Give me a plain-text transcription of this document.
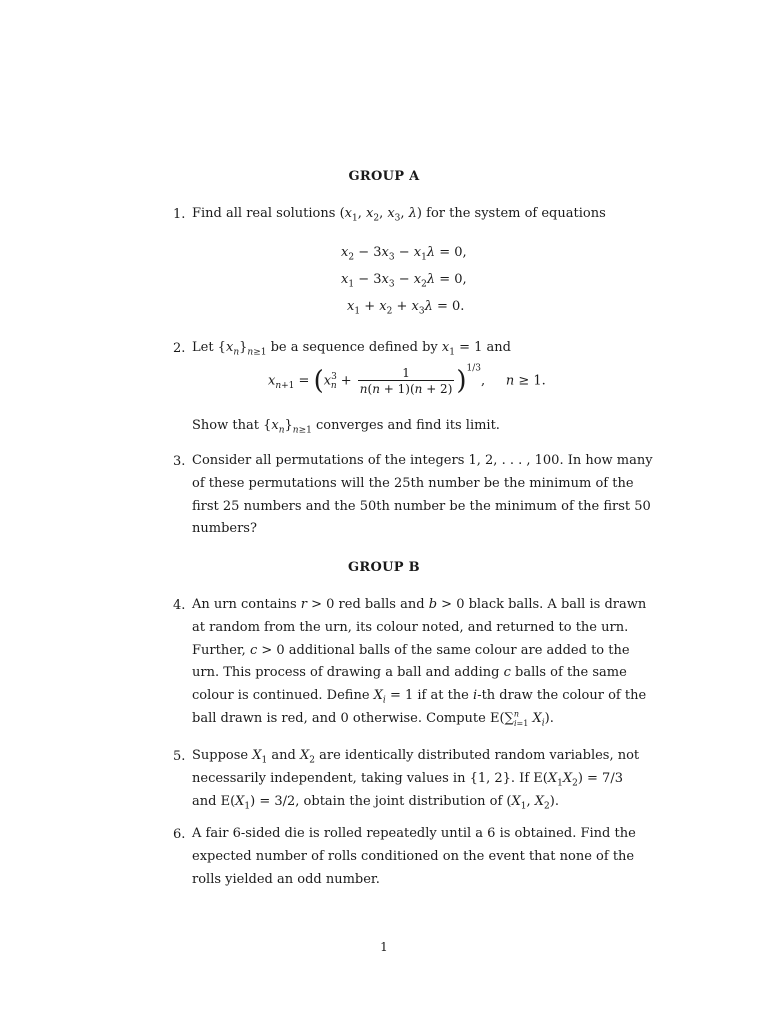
GROUP A
1. Find all real solutions ($x_1$, $x_2$, $x_3$, λ) for the system of equations
$x_2 - 3x_3 - x_1\lambda = 0$,
$x_1 - 3x_3 - x_2\lambda = 0$,
$x_1 + x_2 + x_3\lambda = 0$.
2. Let $\{x_n\}_{n\ge 1}$ be a sequence defined by $x_1 = 1$ and
$x_{n+1} = (x^3_n + \frac{1}{n(n + 1)(n + 2)} )^{1/3}$,     n ≥ 1.
Show that $\{x_n\}_{n\ge 1}$ converges and find its limit.
3. Consider all permutations of the integers 1, 2, . . . , 100. In how many
of these permutations will the 25th number be the minimum of the
first 25 numbers and the 50th number be the minimum of the first 50
numbers?
GROUP B
4. An urn contains r > 0 red balls and b > 0 black balls. A ball is drawn
at random from the urn, its colour noted, and returned to the urn.
Further, c > 0 additional balls of the same colour are added to the
urn. This process of drawing a ball and adding c balls of the same
colour is continued. Define $X_i = 1$ if at the i-th draw the colour of the
ball drawn is red, and 0 otherwise. Compute E(∑$^n_{i=1}$ $X_i$).
5. Suppose $X_1$ and $X_2$ are identically distributed random variables, not
necessarily independent, taking values in {1, 2}. If $E(X_1X_2) = 7/3$
and $E(X_1) = 3/2$, obtain the joint distribution of ($X_1$, $X_2$).
6. A fair 6-sided die is rolled repeatedly until a 6 is obtained. Find the
expected number of rolls conditioned on the event that none of the
rolls yielded an odd number.
1
